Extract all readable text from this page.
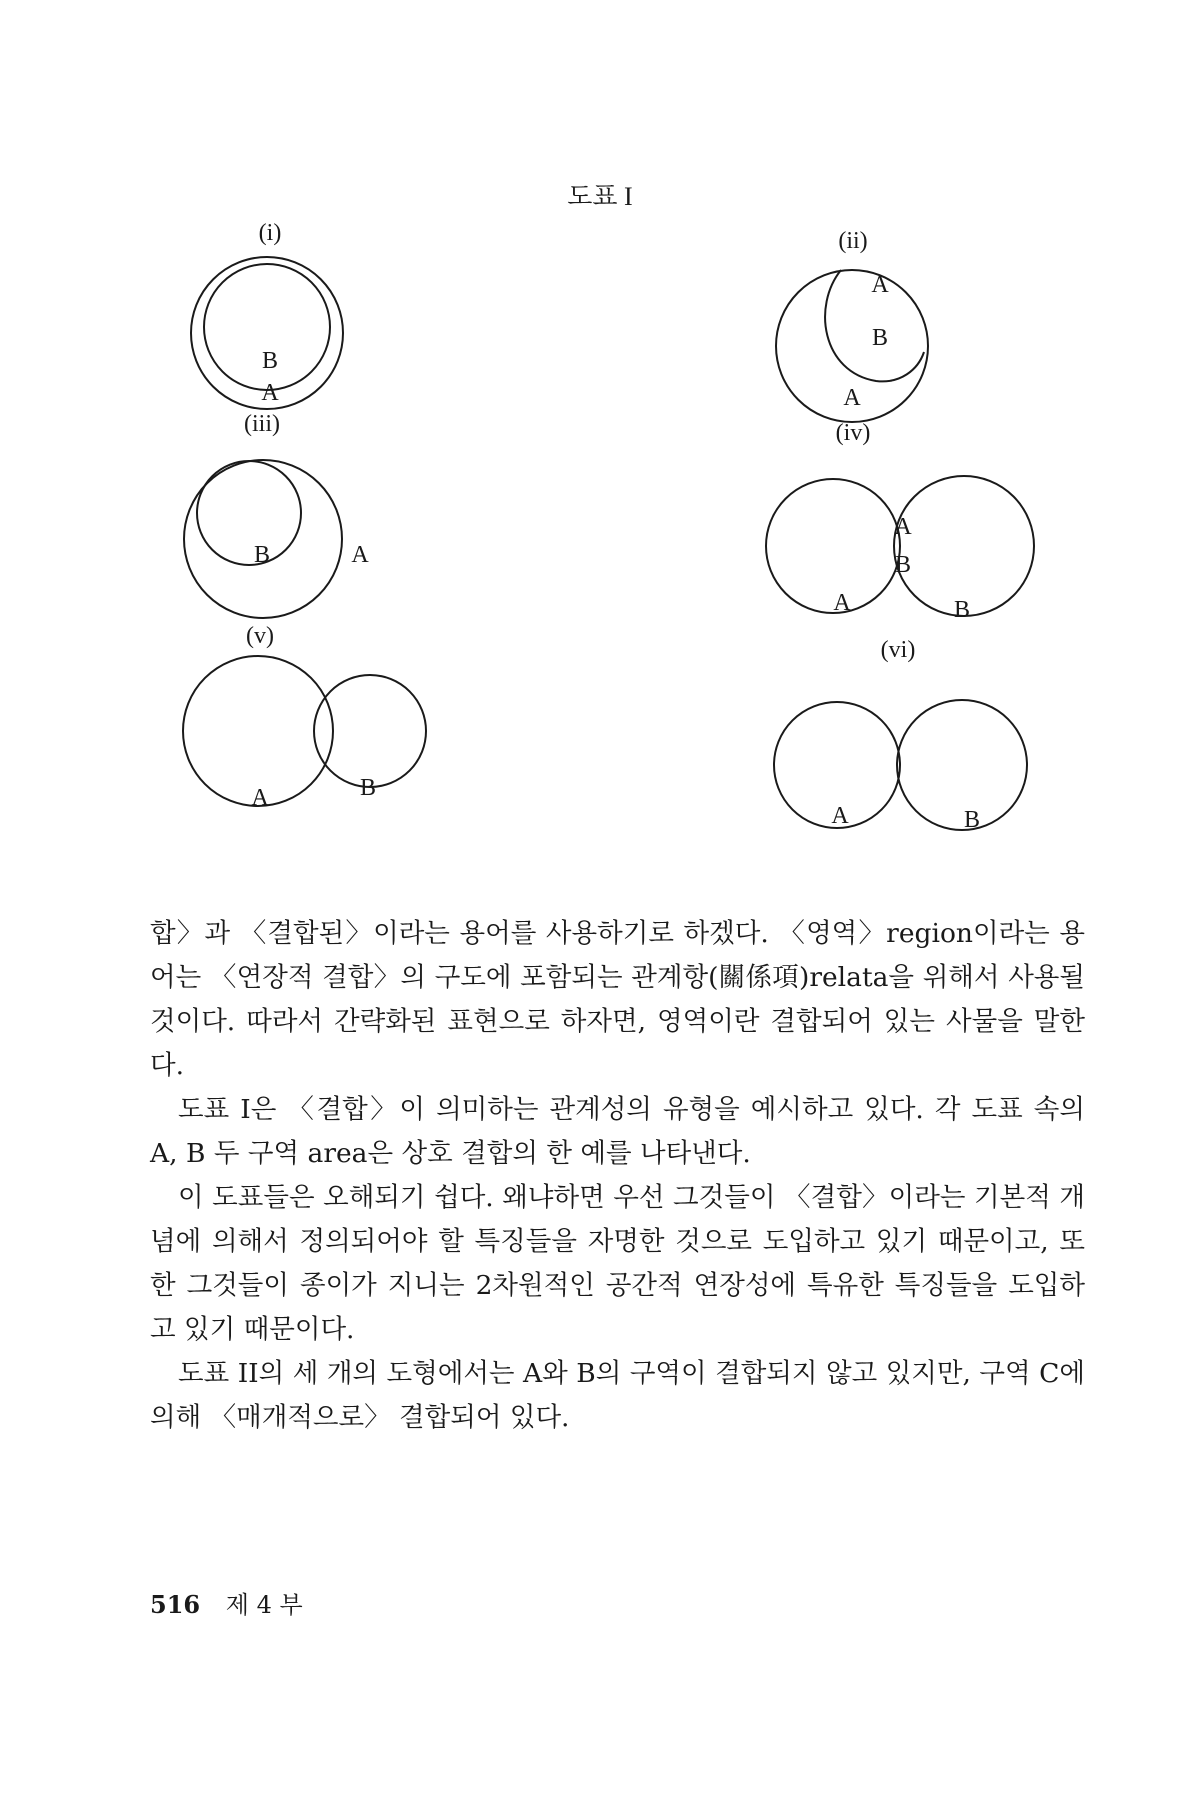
도표 I
(i)	(ii)
(iii)	(iv)
(v)
(vi)
B
A
A
B
A
B	A
A
B
A	B
A	B
A	B

합〉과 〈결합된〉이라는 용어를 사용하기로 하겠다. 〈영역〉region이라는 용어는 〈연장적 결합〉의 구도에 포함되는 관계항(關係項)relata을 위해서 사용될 것이다. 따라서 간략화된 표현으로 하자면, 영역이란 결합되어 있는 사물을 말한다.

도표 I은 〈결합〉이 의미하는 관계성의 유형을 예시하고 있다. 각 도표 속의 A, B 두 구역 area은 상호 결합의 한 예를 나타낸다.

이 도표들은 오해되기 쉽다. 왜냐하면 우선 그것들이 〈결합〉이라는 기본적 개념에 의해서 정의되어야 할 특징들을 자명한 것으로 도입하고 있기 때문이고, 또한 그것들이 종이가 지니는 2차원적인 공간적 연장성에 특유한 특징들을 도입하고 있기 때문이다.

도표 II의 세 개의 도형에서는 A와 B의 구역이 결합되지 않고 있지만, 구역 C에 의해 〈매개적으로〉 결합되어 있다.

516 제 4 부
